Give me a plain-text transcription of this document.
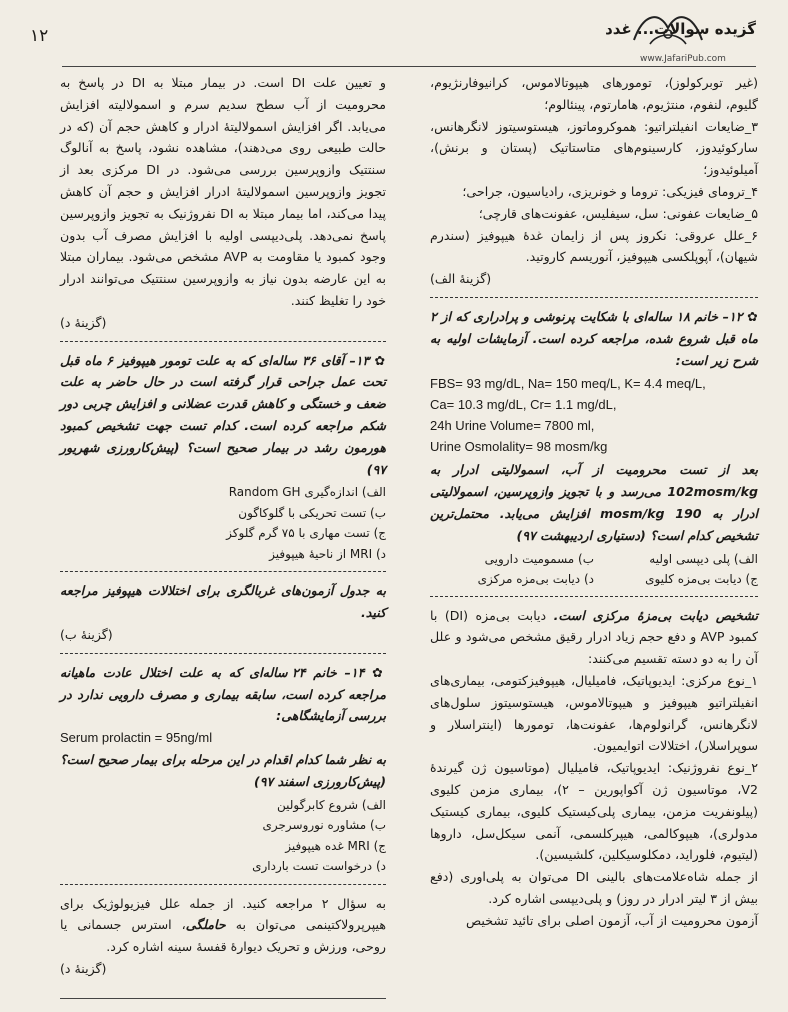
۱۲
www.JafariPub.com
گزیده سوالات... غدد

(غیر توبرکولوز)، تومورهای هیپوتالاموس، کرانیوفارنژیوم، گلیوم، لنفوم، منتژیوم، هامارتوم، پینئالوم؛

۳_ضایعات انفیلتراتیو: هموکروماتوز، هیستوسیتوز لانگرهانس، سارکوئیدوز، کارسینوم‌های متاستاتیک (پستان و برنش)، آمیلوئیدوز؛

۴_ترومای فیزیکی: تروما و خونریزی، رادیاسیون، جراحی؛

۵_ضایعات عفونی: سل، سیفلیس، عفونت‌های قارچی؛

۶_علل عروقی: نکروز پس از زایمان غدهٔ هیپوفیز (سندرم شیهان)، آپوپلکسی هیپوفیز، آنوریسم کاروتید.

(گزینهٔ الف)

✿ ۱۲– خانم ۱۸ ساله‌ای با شکایت پرنوشی و پرادراری که از ۲ ماه قبل شروع شده، مراجعه کرده است. آزمایشات اولیه به شرح زیر است:

FBS= 93 mg/dL, Na= 150 meq/L, K= 4.4 meq/L,
Ca= 10.3 mg/dL, Cr= 1.1 mg/dL,
24h Urine Volume= 7800 ml,
Urine Osmolality= 98 mosm/kg

بعد از تست محرومیت از آب، اسمولالیتی ادرار به 102mosm/kg می‌رسد و با تجویز وازوپرسین، اسمولالیتی ادرار به 190 mosm/kg افزایش می‌یابد. محتمل‌ترین تشخیص کدام است؟ (دستیاری اردیبهشت ۹۷)

الف) پلی دیپسی اولیه
ب) مسمومیت دارویی
ج) دیابت بی‌مزه کلیوی
د) دیابت بی‌مزه مرکزی

تشخیص دیابت بی‌مزهٔ مرکزی است. دیابت بی‌مزه (DI) با کمبود AVP و دفع حجم زیاد ادرار رقیق مشخص می‌شود و علل آن را به دو دسته تقسیم می‌کنند:

۱_نوع مرکزی: ایدیوپاتیک، فامیلیال، هیپوفیزکتومی، بیماری‌های انفیلتراتیو هیپوفیز و هیپوتالاموس، هیستوسیتوز سلول‌های لانگرهانس، گرانولوم‌ها، عفونت‌ها، تومورها (اینتراسلار و سوپراسلار)، اختلالات اتوایمیون.

۲_نوع نفروژنیک: ایدیوپاتیک، فامیلیال (موتاسیون ژن گیرندهٔ V2، موتاسیون ژن آکواپورین – ۲)، بیماری مزمن کلیوی (پیلونفریت مزمن، بیماری پلی‌کیستیک کلیوی، بیماری کیستیک مدولری)، هیپوکالمی، هیپرکلسمی، آنمی سیکل‌سل، داروها (لیتیوم، فلوراید، دمکلوسیکلین، کلشیسین).

از جمله شاه‌علامت‌های بالینی DI می‌توان به پلی‌اوری (دفع بیش از ۳ لیتر ادرار در روز) و پلی‌دیپسی اشاره کرد.

آزمون محرومیت از آب، آزمون اصلی برای تائید تشخیص

و تعیین علت DI است. در بیمار مبتلا به DI در پاسخ به محرومیت از آب سطح سدیم سرم و اسمولالیته افزایش می‌یابد. اگر افزایش اسمولالیتهٔ ادرار و کاهش حجم آن (که در حالت طبیعی روی می‌دهند)، مشاهده نشود، پاسخ به آنالوگ سنتتیک وازوپرسین بررسی می‌شود. در DI مرکزی بعد از تجویز وازوپرسین اسمولالیتهٔ ادرار افزایش و حجم آن کاهش پیدا می‌کند، اما بیمار مبتلا به DI نفروژنیک به تجویز وازوپرسین پاسخ نمی‌دهد. پلی‌دیپسی اولیه با افزایش مصرف آب بدون وجود کمبود یا مقاومت به AVP مشخص می‌شود. بیماران مبتلا به این عارضه بدون نیاز به وازوپرسین سنتتیک می‌توانند ادرار خود را تغلیظ کنند.

(گزینهٔ د)

✿ ۱۳– آقای ۳۶ ساله‌ای که به علت تومور هیپوفیز ۶ ماه قبل تحت عمل جراحی قرار گرفته است در حال حاضر به علت ضعف و خستگی و کاهش قدرت عضلانی و افزایش چربی دور شکم مراجعه کرده است. کدام تست جهت تشخیص کمبود هورمون رشد در بیمار صحیح است؟ (پیش‌کارورزی شهریور ۹۷)

الف) اندازه‌گیری Random GH
ب) تست تحریکی با گلوکاگون
ج) تست مهاری با ۷۵ گرم گلوکز
د) MRI از ناحیهٔ هیپوفیز

به جدول آزمون‌های غربالگری برای اختلالات هیپوفیز مراجعه کنید.

(گزینهٔ ب)

✿ ۱۴– خانم ۲۴ ساله‌ای که به علت اختلال عادت ماهیانه مراجعه کرده است، سابقه بیماری و مصرف دارویی ندارد در بررسی آزمایشگاهی:

Serum prolactin = 95ng/ml

به نظر شما کدام اقدام در این مرحله برای بیمار صحیح است؟ (پیش‌کارورزی اسفند ۹۷)

الف) شروع کابرگولین
ب) مشاوره نوروسرجری
ج) MRI غده هیپوفیز
د) درخواست تست بارداری

به سؤال ۲ مراجعه کنید. از جمله علل فیزیولوژیک برای هیپرپرولاکتینمی می‌توان به حاملگی، استرس جسمانی یا روحی، ورزش و تحریک دیوارهٔ قفسهٔ سینه اشاره کرد.

(گزینهٔ د)
